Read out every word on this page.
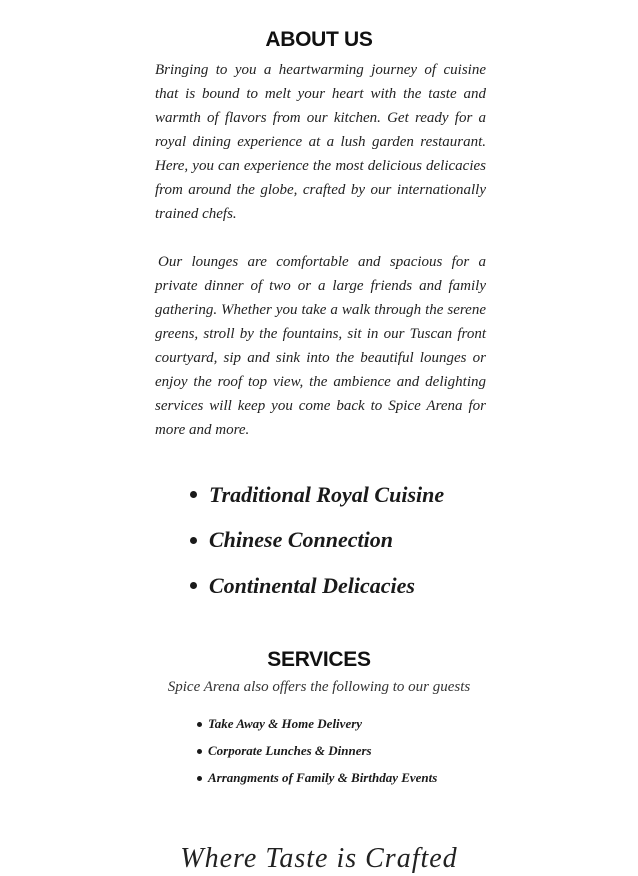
ABOUT US

Bringing to you a heartwarming journey of cuisine that is bound to melt your heart with the taste and warmth of flavors from our kitchen. Get ready for a royal dining experience at a lush garden restaurant. Here, you can experience the most delicious delicacies from around the globe, crafted by our internationally trained chefs.

Our lounges are comfortable and spacious for a private dinner of two or a large friends and family gathering. Whether you take a walk through the serene greens, stroll by the fountains, sit in our Tuscan front courtyard, sip and sink into the beautiful lounges or enjoy the roof top view, the ambience and delighting services will keep you come back to Spice Arena for more and more.

Traditional Royal Cuisine
Chinese Connection
Continental Delicacies
SERVICES
Spice Arena also offers the following to our guests
Take Away & Home Delivery
Corporate Lunches & Dinners
Arrangments of Family & Birthday Events
Where Taste is Crafted
